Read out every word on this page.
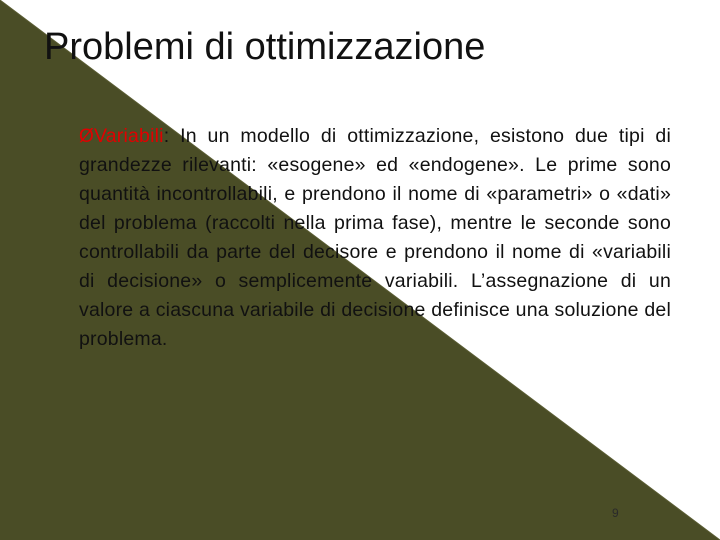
Problemi di ottimizzazione
ØVariabili: In un modello di ottimizzazione, esistono due tipi di grandezze rilevanti: «esogene» ed «endogene». Le prime sono quantità incontrollabili, e prendono il nome di «parametri» o «dati» del problema (raccolti nella prima fase), mentre le seconde sono controllabili da parte del decisore e prendono il nome di «variabili di decisione» o semplicemente variabili. L’assegnazione di un valore a ciascuna variabile di decisione definisce una soluzione del problema.
9
